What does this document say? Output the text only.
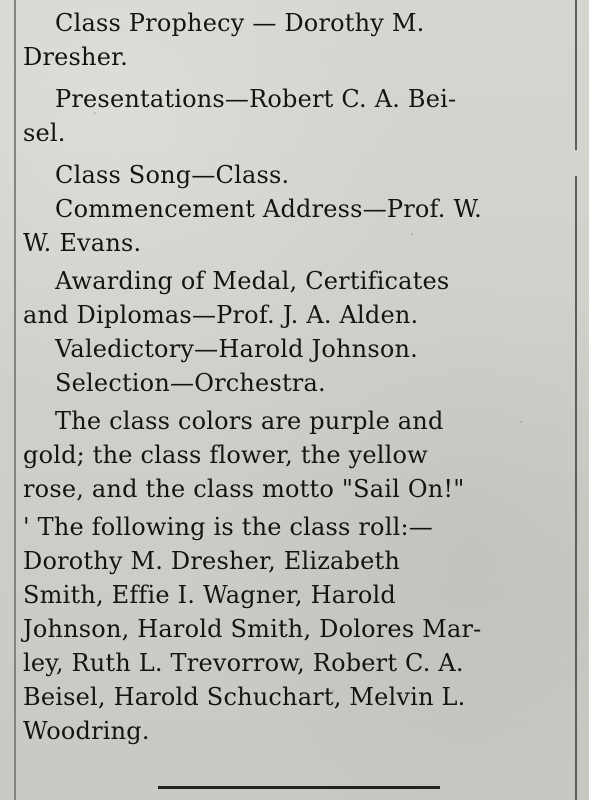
Class Prophecy — Dorothy M.
Dresher.
Presentations—Robert C. A. Bei-
sel.
Class Song—Class.
Commencement Address—Prof. W.
W. Evans.
Awarding of Medal, Certificates
and Diplomas—Prof. J. A. Alden.
Valedictory—Harold Johnson.
Selection—Orchestra.
The class colors are purple and
gold; the class flower, the yellow
rose, and the class motto "Sail On!"
' The following is the class roll:—
Dorothy M. Dresher, Elizabeth
Smith, Effie I. Wagner, Harold
Johnson, Harold Smith, Dolores Mar-
ley, Ruth L. Trevorrow, Robert C. A.
Beisel, Harold Schuchart, Melvin L.
Woodring.
